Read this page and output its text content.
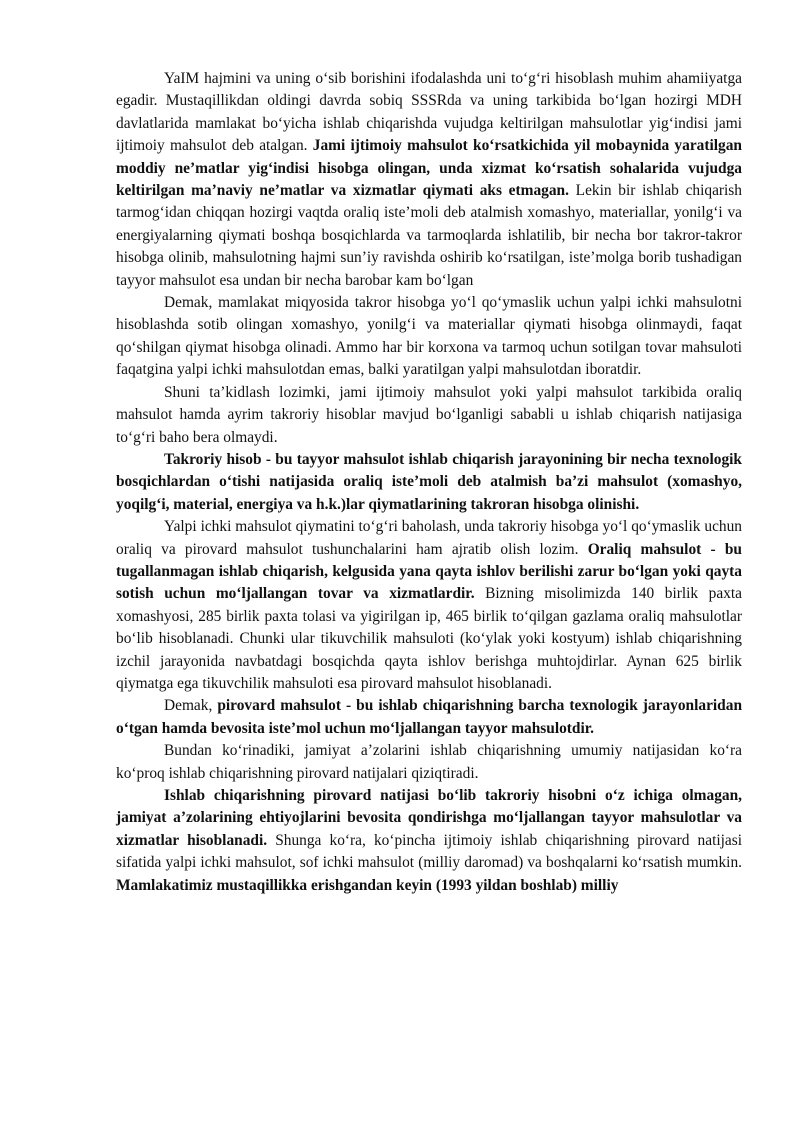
YaIM hajmini va uning o‘sib borishini ifodalashda uni to‘g‘ri hisoblash muhim ahamiiyatga egadir. Mustaqillikdan oldingi davrda sobiq SSSRda va uning tarkibida bo‘lgan hozirgi MDH davlatlarida mamlakat bo‘yicha ishlab chiqarishda vujudga keltirilgan mahsulotlar yig‘indisi jami ijtimoiy mahsulot deb atalgan. Jami ijtimoiy mahsulot ko‘rsatkichida yil mobaynida yaratilgan moddiy ne’matlar yig‘indisi hisobga olingan, unda xizmat ko‘rsatish sohalarida vujudga keltirilgan ma’naviy ne’matlar va xizmatlar qiymati aks etmagan. Lekin bir ishlab chiqarish tarmog‘idan chiqqan hozirgi vaqtda oraliq iste’moli deb atalmish xomashyo, materiallar, yonilg‘i va energiyalarning qiymati boshqa bosqichlarda va tarmoqlarda ishlatilib, bir necha bor takror-takror hisobga olinib, mahsulotning hajmi sun’iy ravishda oshirib ko‘rsatilgan, iste’molga borib tushadigan tayyor mahsulot esa undan bir necha barobar kam bo‘lgan

Demak, mamlakat miqyosida takror hisobga yo‘l qo‘ymaslik uchun yalpi ichki mahsulotni hisoblashda sotib olingan xomashyo, yonilg‘i va materiallar qiymati hisobga olinmaydi, faqat qo‘shilgan qiymat hisobga olinadi. Ammo har bir korxona va tarmoq uchun sotilgan tovar mahsuloti faqatgina yalpi ichki mahsulotdan emas, balki yaratilgan yalpi mahsulotdan iboratdir.

Shuni ta’kidlash lozimki, jami ijtimoiy mahsulot yoki yalpi mahsulot tarkibida oraliq mahsulot hamda ayrim takroriy hisoblar mavjud bo‘lganligi sababli u ishlab chiqarish natijasiga to‘g‘ri baho bera olmaydi.

Takroriy hisob - bu tayyor mahsulot ishlab chiqarish jarayonining bir necha texnologik bosqichlardan o‘tishi natijasida oraliq iste’moli deb atalmish ba’zi mahsulot (xomashyo, yoqilg‘i, material, energiya va h.k.)lar qiymatlarining takroran hisobga olinishi.

Yalpi ichki mahsulot qiymatini to‘g‘ri baholash, unda takroriy hisobga yo‘l qo‘ymaslik uchun oraliq va pirovard mahsulot tushunchalarini ham ajratib olish lozim. Oraliq mahsulot - bu tugallanmagan ishlab chiqarish, kelgusida yana qayta ishlov berilishi zarur bo‘lgan yoki qayta sotish uchun mo‘ljallangan tovar va xizmatlardir. Bizning misolimizda 140 birlik paxta xomashyosi, 285 birlik paxta tolasi va yigirilgan ip, 465 birlik to‘qilgan gazlama oraliq mahsulotlar bo‘lib hisoblanadi. Chunki ular tikuvchilik mahsuloti (ko‘ylak yoki kostyum) ishlab chiqarishning izchil jarayonida navbatdagi bosqichda qayta ishlov berishga muhtojdirlar. Aynan 625 birlik qiymatga ega tikuvchilik mahsuloti esa pirovard mahsulot hisoblanadi.

Demak, pirovard mahsulot - bu ishlab chiqarishning barcha texnologik jarayonlaridan o‘tgan hamda bevosita iste’mol uchun mo‘ljallangan tayyor mahsulotdir.

Bundan ko‘rinadiki, jamiyat a’zolarini ishlab chiqarishning umumiy natijasidan ko‘ra ko‘proq ishlab chiqarishning pirovard natijalari qiziqtiradi.

Ishlab chiqarishning pirovard natijasi bo‘lib takroriy hisobni o‘z ichiga olmagan, jamiyat a’zolarining ehtiyojlarini bevosita qondirishga mo‘ljallangan tayyor mahsulotlar va xizmatlar hisoblanadi. Shunga ko‘ra, ko‘pincha ijtimoiy ishlab chiqarishning pirovard natijasi sifatida yalpi ichki mahsulot, sof ichki mahsulot (milliy daromad) va boshqalarni ko‘rsatish mumkin. Mamlakatimiz mustaqillikka erishgandan keyin (1993 yildan boshlab) milliy
